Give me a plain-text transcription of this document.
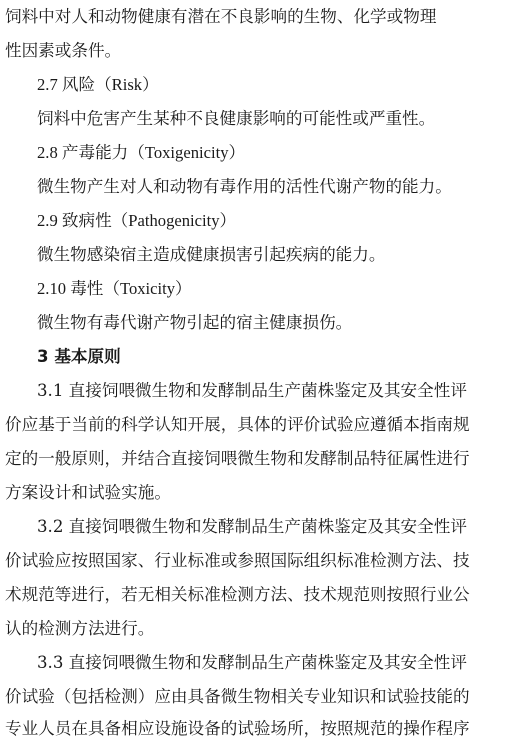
饲料中对人和动物健康有潜在不良影响的生物、化学或物理
性因素或条件。
2.7 风险（Risk）
饲料中危害产生某种不良健康影响的可能性或严重性。
2.8 产毒能力（Toxigenicity）
微生物产生对人和动物有毒作用的活性代谢产物的能力。
2.9 致病性（Pathogenicity）
微生物感染宿主造成健康损害引起疾病的能力。
2.10 毒性（Toxicity）
微生物有毒代谢产物引起的宿主健康损伤。
3 基本原则
3.1 直接饲喂微生物和发酵制品生产菌株鉴定及其安全性评
价应基于当前的科学认知开展，具体的评价试验应遵循本指南规
定的一般原则，并结合直接饲喂微生物和发酵制品特征属性进行
方案设计和试验实施。
3.2 直接饲喂微生物和发酵制品生产菌株鉴定及其安全性评
价试验应按照国家、行业标准或参照国际组织标准检测方法、技
术规范等进行，若无相关标准检测方法、技术规范则按照行业公
认的检测方法进行。
3.3 直接饲喂微生物和发酵制品生产菌株鉴定及其安全性评
价试验（包括检测）应由具备微生物相关专业知识和试验技能的
专业人员在具备相应设施设备的试验场所，按照规范的操作程序
